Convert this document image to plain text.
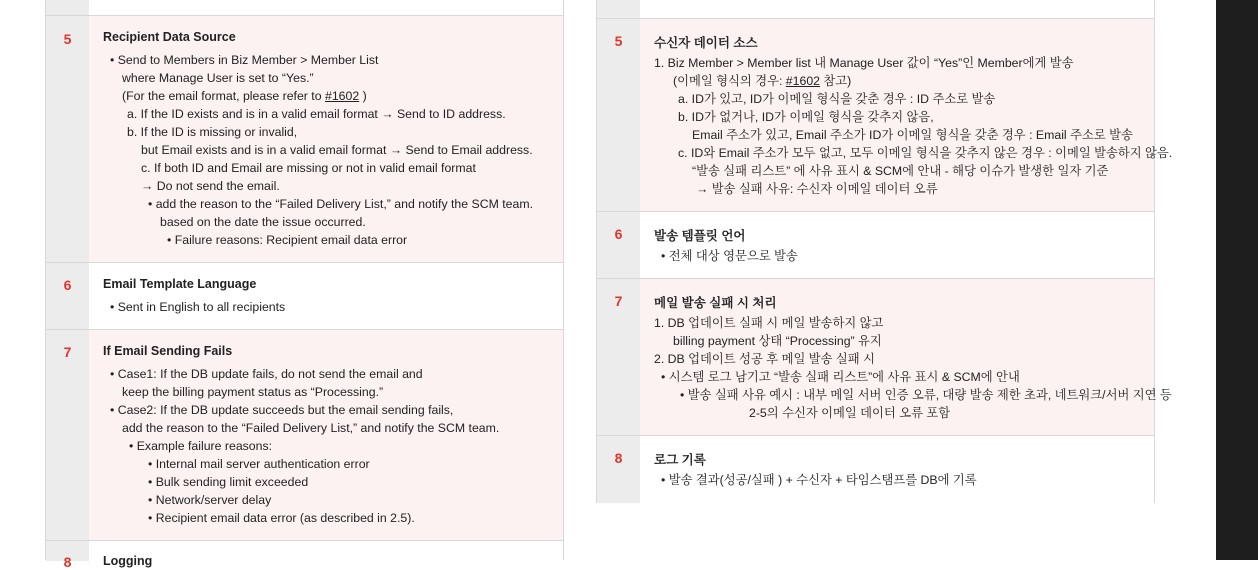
5	Recipient Data Source
• Send to Members in Biz Member > Member List
where Manage User is set to “Yes.”
(For the email format, please refer to #1602 )
a. If the ID exists and is in a valid email format → Send to ID address.
b. If the ID is missing or invalid,
but Email exists and is in a valid email format → Send to Email address.
c. If both ID and Email are missing or not in valid email format
→ Do not send the email.
• add the reason to the “Failed Delivery List,” and notify the SCM team.
based on the date the issue occurred.
• Failure reasons: Recipient email data error
6	Email Template Language
• Sent in English to all recipients
7	If Email Sending Fails
• Case1: If the DB update fails, do not send the email and
keep the billing payment status as “Processing.”
• Case2: If the DB update succeeds but the email sending fails,
add the reason to the “Failed Delivery List,” and notify the SCM team.
• Example failure reasons:
• Internal mail server authentication error
• Bulk sending limit exceeded
• Network/server delay
• Recipient email data error (as described in 2.5).
8	Logging
5	수신자 데이터 소스
1. Biz Member > Member list 내 Manage User 값이 “Yes”인 Member에게 발송
(이메일 형식의 경우: #1602 참고)
a. ID가 있고, ID가 이메일 형식을 갖춘 경우 : ID 주소로 발송
b. ID가 없거나, ID가 이메일 형식을 갖추지 않음,
Email 주소가 있고, Email 주소가 ID가 이메일 형식을 갖춘 경우 : Email 주소로 발송
c. ID와 Email 주소가 모두 없고, 모두 이메일 형식을 갖추지 않은 경우 : 이메일 발송하지 않음.
“발송 실패 리스트” 에 사유 표시 & SCM에 안내 - 해당 이슈가 발생한 일자 기준
→ 발송 실패 사유: 수신자 이메일 데이터 오류
6	발송 템플릿 언어
• 전체 대상 영문으로 발송
7	메일 발송 실패 시 처리
1. DB 업데이트 실패 시 메일 발송하지 않고
billing payment 상태 “Processing” 유지
2. DB 업데이트 성공 후 메일 발송 실패 시
• 시스템 로그 남기고 “발송 실패 리스트”에 사유 표시 & SCM에 안내
• 발송 실패 사유 예시 : 내부 메일 서버 인증 오류, 대량 발송 제한 초과, 네트워크/서버 지연 등
2-5의 수신자 이메일 데이터 오류 포함
8	로그 기록
• 발송 결과(성공/실패 ) + 수신자 + 타임스탬프를 DB에 기록
